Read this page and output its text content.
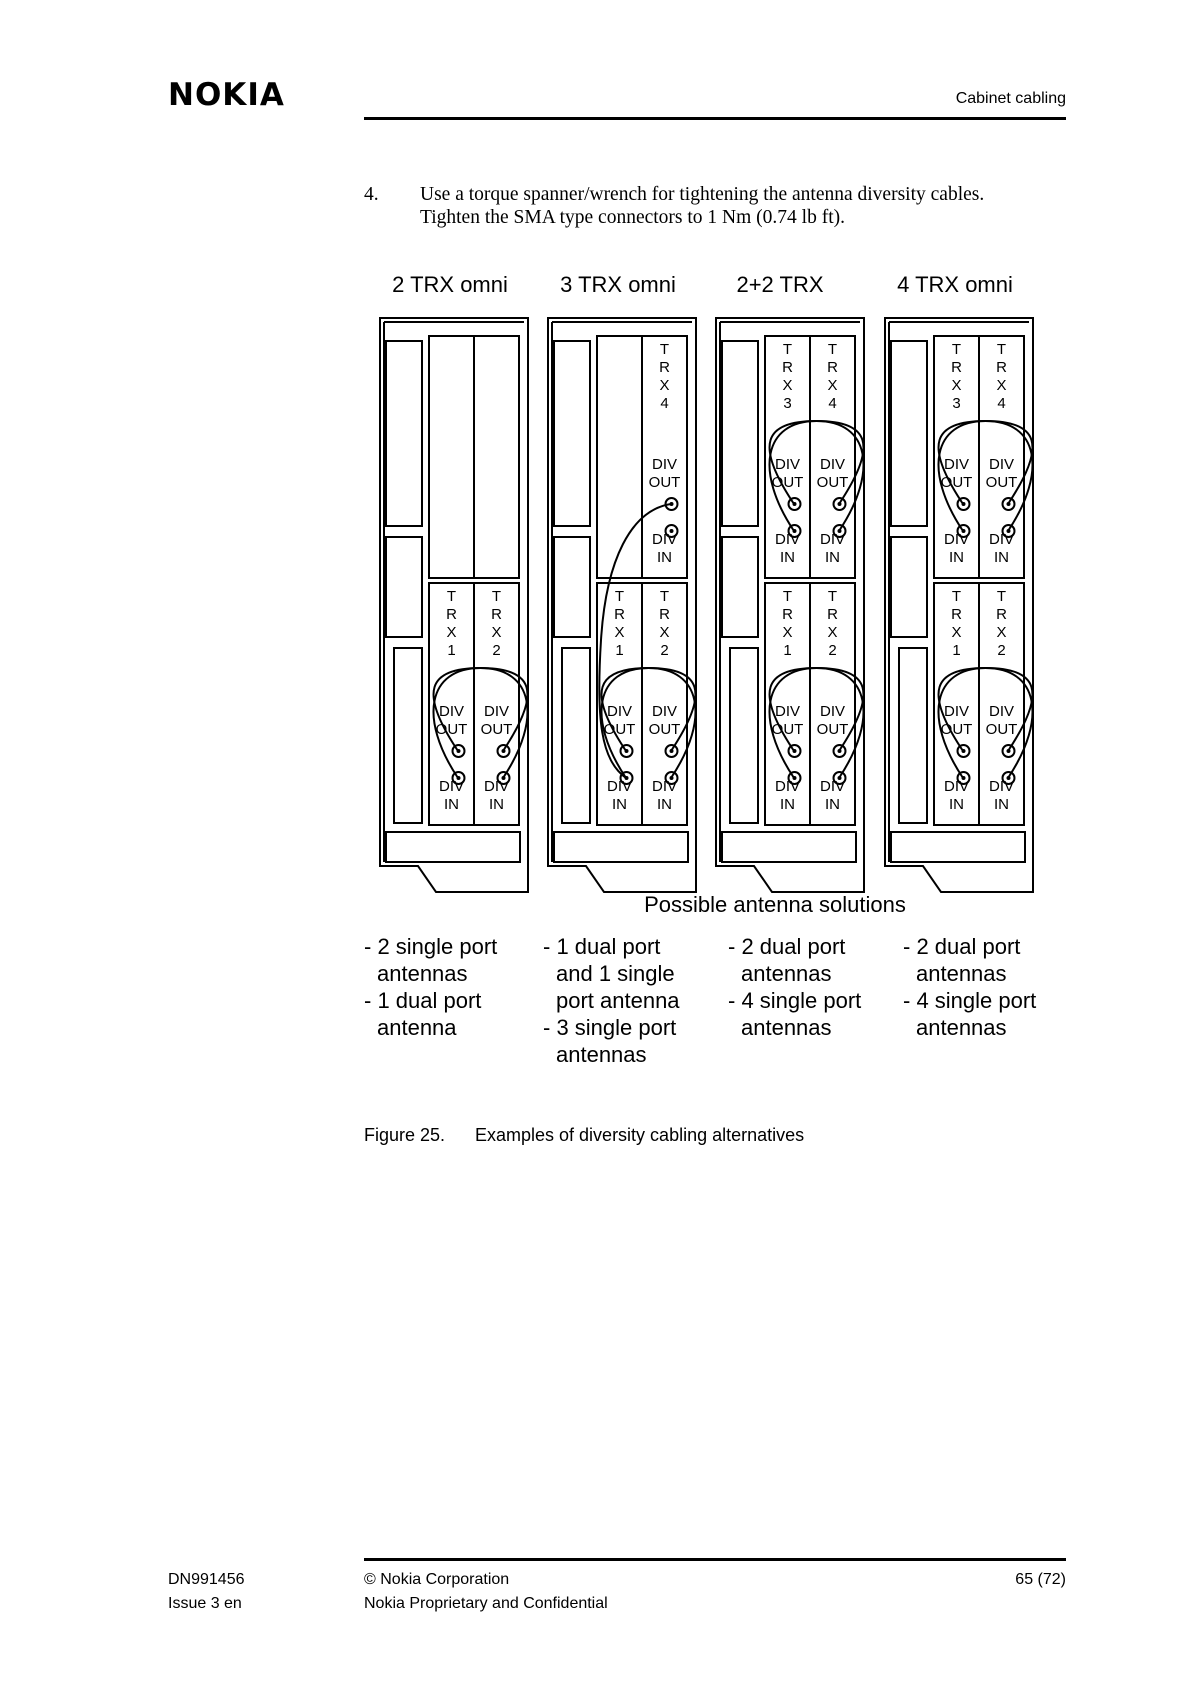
NOKIA	Cabinet cabling
4. Use a torque spanner/wrench for tightening the antenna diversity cables.
Tighten the SMA type connectors to 1 Nm (0.74 lb ft).
2 TRX omni 3 TRX omni	2+2 TRX	4 TRX omni
T
R
X
1
DIV
OUT
DIV
IN
T
R
X
2
DIV
OUT
DIV
IN
T
R
X
1
DIV
OUT
DIV
IN
T
R
X
2
DIV
OUT
DIV
IN
T
R
X
4
DIV
OUT
DIV
IN
T
R
X
1
DIV
OUT
DIV
IN
T
R
X
2
DIV
OUT
DIV
IN
T
R
X
3
DIV
OUT
DIV
IN
T
R
X
4
DIV
OUT
DIV
IN
T
R
X
1
DIV
OUT
DIV
IN
T
R
X
2
DIV
OUT
DIV
IN
T
R
X
3
DIV
OUT
DIV
IN
T
R
X
4
DIV
OUT
DIV
IN
Possible antenna solutions
- 2 single port
antennas
- 1 dual port
antenna
- 1 dual port
and 1 single
port antenna
- 3 single port
antennas
- 2 dual port
antennas
- 4 single port
antennas
- 2 dual port
antennas
- 4 single port
antennas
Figure 25. Examples of diversity cabling alternatives
DN991456
Issue 3 en
© Nokia Corporation
Nokia Proprietary and Confidential
65 (72)
